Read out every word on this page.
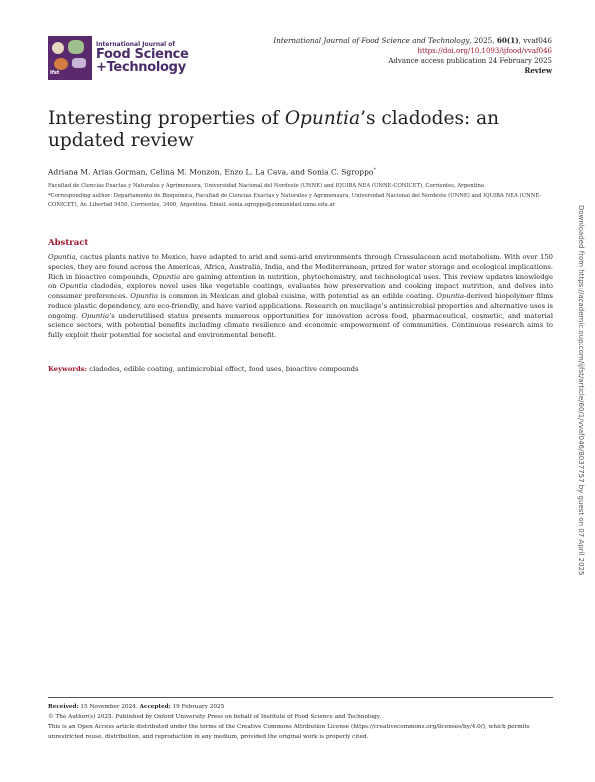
ifst
International Journal of
Food Science
+Technology
International Journal of Food Science and Technology, 2025, 60(1), vvaf046
https://doi.org/10.1093/ijfood/vvaf046
Advance access publication 24 February 2025
Review
Interesting properties of Opuntia’s cladodes: an updated review
Adriana M. Arias Gorman, Celina M. Monzon, Enzo L. La Cava, and Sonia C. Sgroppo*
Facultad de Ciencias Exactas y Naturales y Agrimensura, Universidad Nacional del Nordeste (UNNE) and IQUIBA NEA (UNNE-CONICET), Corrientes, Argentina
*Corresponding author: Departamento de Bioquímica, Facultad de Ciencias Exactas y Naturales y Agrimensura, Universidad Nacional del Nordeste (UNNE) and IQUIBA NEA (UNNE-CONICET), Av. Libertad 5450, Corrientes, 3400, Argentina. Email: sonia.sgroppo@comunidad.unne.edu.ar
Abstract
Opuntia, cactus plants native to Mexico, have adapted to arid and semi-arid environments through Crassulacean acid metabolism. With over 150 species, they are found across the Americas, Africa, Australia, India, and the Mediterranean, prized for water storage and ecological implications. Rich in bioactive compounds, Opuntia are gaining attention in nutrition, phytochemistry, and technological uses. This review updates knowledge on Opuntia cladodes, explores novel uses like vegetable coatings, evaluates how preservation and cooking impact nutrition, and delves into consumer preferences. Opuntia is common in Mexican and global cuisine, with potential as an edible coating. Opuntia-derived biopolymer films reduce plastic dependency, are eco-friendly, and have varied applications. Research on mucilage’s antimicrobial properties and alternative uses is ongoing. Opuntia’s underutilised status presents numerous opportunities for innovation across food, pharmaceutical, cosmetic, and material science sectors, with potential benefits including climate resilience and economic empowerment of communities. Continuous research aims to fully exploit their potential for societal and environmental benefit.
Keywords: cladodes, edible coating, antimicrobial effect, food uses, bioactive compounds	Downloaded from https://academic.oup.com/ijfst/article/60/1/vvaf046/8037757 by guest on 07 April 2025
Received: 15 November 2024. Accepted: 19 February 2025
© The Author(s) 2025. Published by Oxford University Press on behalf of Institute of Food Science and Technology.
This is an Open Access article distributed under the terms of the Creative Commons Attribution License (https://creativecommons.org/licenses/by/4.0/), which permits unrestricted reuse, distribution, and reproduction in any medium, provided the original work is properly cited.
